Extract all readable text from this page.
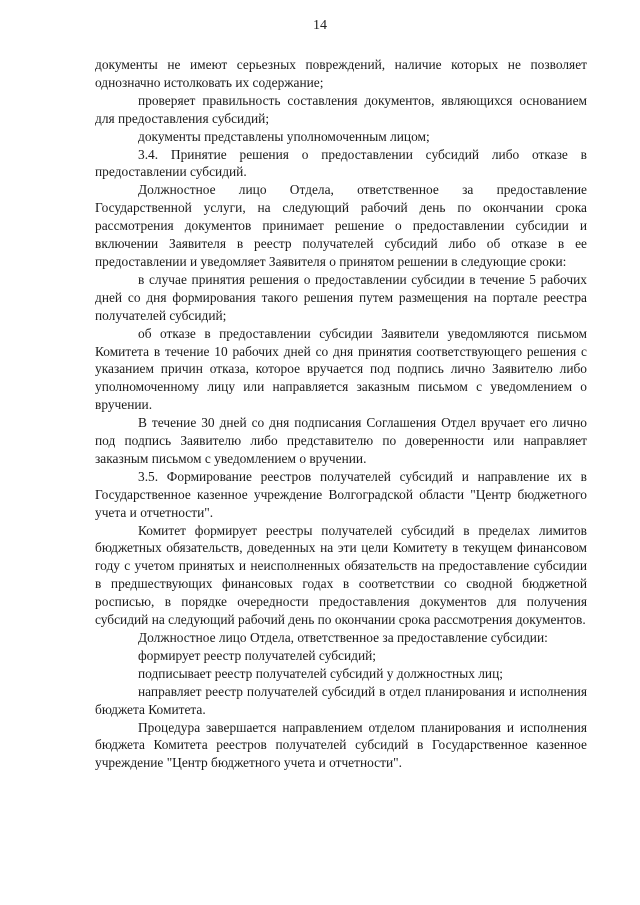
14

документы не имеют серьезных повреждений, наличие которых не позволяет однозначно истолковать их содержание;

проверяет правильность составления документов, являющихся основанием для предоставления субсидий;

документы представлены уполномоченным лицом;

3.4. Принятие решения о предоставлении субсидий либо отказе в предоставлении субсидий.

Должностное лицо Отдела, ответственное за предоставление Государственной услуги, на следующий рабочий день по окончании срока рассмотрения документов принимает решение о предоставлении субсидии и включении Заявителя в реестр получателей субсидий либо об отказе в ее предоставлении и уведомляет Заявителя о принятом решении в следующие сроки:

в случае принятия решения о предоставлении субсидии в течение 5 рабочих дней со дня формирования такого решения путем размещения на портале реестра получателей субсидий;

об отказе в предоставлении субсидии Заявители уведомляются письмом Комитета в течение 10 рабочих дней со дня принятия соответствующего решения с указанием причин отказа, которое вручается под подпись лично Заявителю либо уполномоченному лицу или направляется заказным письмом с уведомлением о вручении.

В течение 30 дней со дня подписания Соглашения Отдел вручает его лично под подпись Заявителю либо представителю по доверенности или направляет заказным письмом с уведомлением о вручении.

3.5. Формирование реестров получателей субсидий и направление их в Государственное казенное учреждение Волгоградской области "Центр бюджетного учета и отчетности".

Комитет формирует реестры получателей субсидий в пределах лимитов бюджетных обязательств, доведенных на эти цели Комитету в текущем финансовом году с учетом принятых и неисполненных обязательств на предоставление субсидии в предшествующих финансовых годах в соответствии со сводной бюджетной росписью, в порядке очередности предоставления документов для получения субсидий на следующий рабочий день по окончании срока рассмотрения документов.

Должностное лицо Отдела, ответственное за предоставление субсидии:

формирует реестр получателей субсидий;

подписывает реестр получателей субсидий у должностных лиц;

направляет реестр получателей субсидий в отдел планирования и исполнения бюджета Комитета.

Процедура завершается направлением отделом планирования и исполнения бюджета Комитета реестров получателей субсидий в Государственное казенное учреждение "Центр бюджетного учета и отчетности".
